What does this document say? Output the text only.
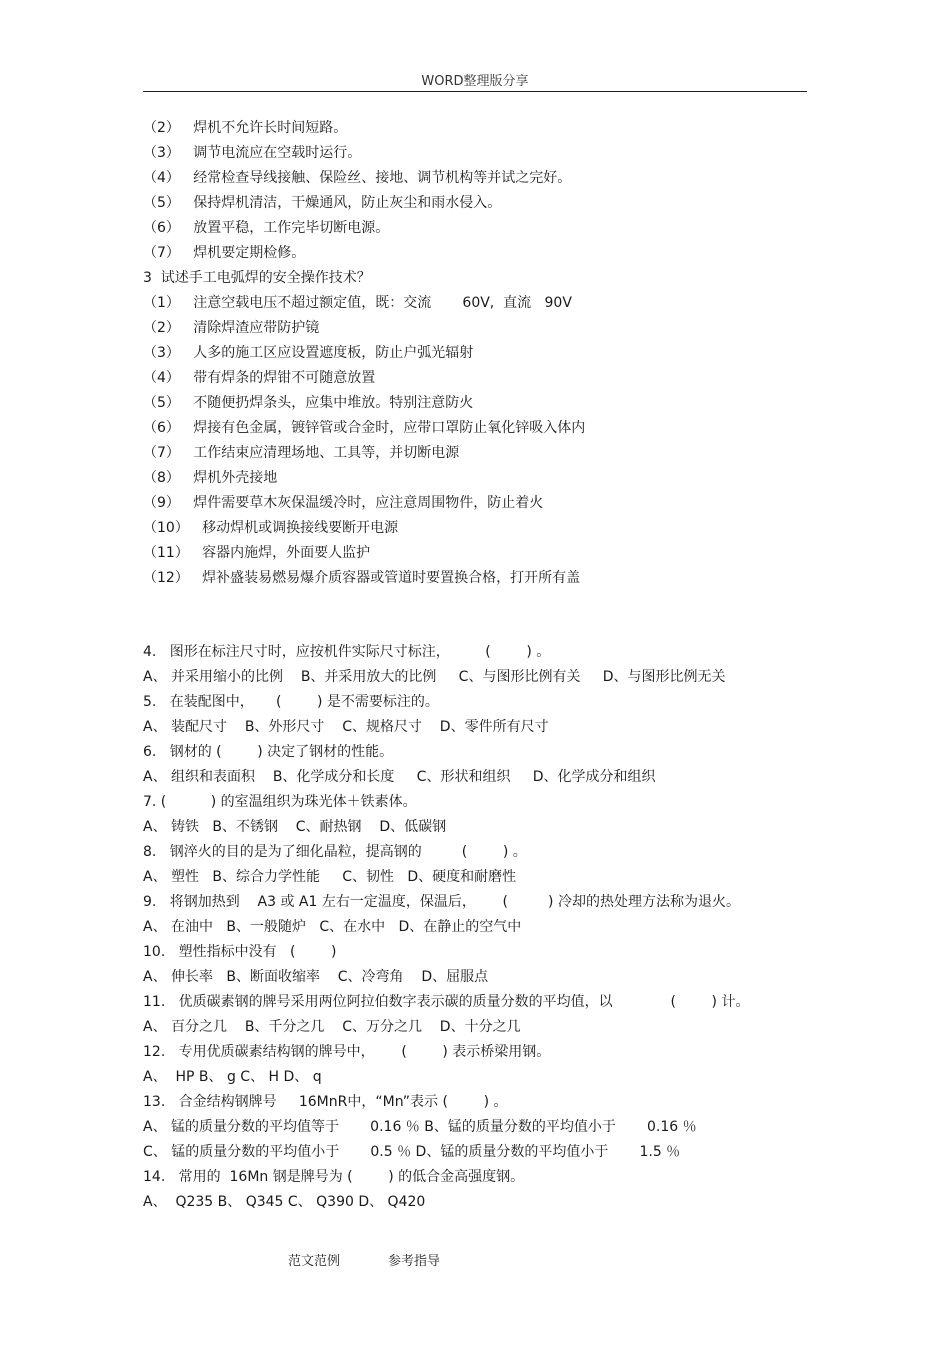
WORD整理版分享
（2）   焊机不允许长时间短路。
（3）   调节电流应在空载时运行。
（4）   经常检查导线接触、保险丝、接地、调节机构等并试之完好。
（5）   保持焊机清洁，干燥通风，防止灰尘和雨水侵入。
（6）   放置平稳，工作完毕切断电源。
（7）   焊机要定期检修。
3  试述手工电弧焊的安全操作技术？
（1）   注意空载电压不超过额定值，既：交流       60V,  直流   90V
（2）   清除焊渣应带防护镜
（3）   人多的施工区应设置遮度板，防止户弧光辐射
（4）   带有焊条的焊钳不可随意放置
（5）   不随便扔焊条头，应集中堆放。特别注意防火
（6）   焊接有色金属，镀锌管或合金时，应带口罩防止氧化锌吸入体内
（7）   工作结束应清理场地、工具等，并切断电源
（8）   焊机外壳接地
（9）   焊件需要草木灰保温缓冷时，应注意周围物件，防止着火
（10）   移动焊机或调换接线要断开电源
（11）   容器内施焊，外面要人监护
（12）   焊补盛装易燃易爆介质容器或管道时要置换合格，打开所有盖
4.   图形在标注尺寸时，应按机件实际尺寸标注，        (        ) 。
A、 并采用缩小的比例    B、并采用放大的比例     C、与图形比例有关     D、与图形比例无关
5.   在装配图中，     (        ) 是不需要标注的。
A、 装配尺寸    B、外形尺寸    C、规格尺寸    D、零件所有尺寸
6.   钢材的 (        ) 决定了钢材的性能。
A、 组织和表面积    B、化学成分和长度     C、形状和组织     D、化学成分和组织
7. (          ) 的室温组织为珠光体＋铁素体。
A、 铸铁   B、不锈钢    C、耐热钢    D、低碳钢
8.   钢淬火的目的是为了细化晶粒，提高钢的         (        ) 。
A、 塑性   B、综合力学性能     C、韧性   D、硬度和耐磨性
9.   将钢加热到    A3 或 A1 左右一定温度，保温后，      (         ) 冷却的热处理方法称为退火。
A、 在油中   B、一般随炉   C、在水中   D、在静止的空气中
10.   塑性指标中没有   (        )
A、 伸长率   B、断面收缩率    C、冷弯角    D、屈服点
11.   优质碳素钢的牌号采用两位阿拉伯数字表示碳的质量分数的平均值，以             (        ) 计。
A、 百分之几    B、千分之几    C、万分之几    D、十分之几
12.   专用优质碳素结构钢的牌号中，      (        ) 表示桥梁用钢。
A、  HP B、 g C、 H D、 q
13.   合金结构钢牌号     16MnR中，“Mn”表示 (        ) 。
A、 锰的质量分数的平均值等于       0.16 ％ B、锰的质量分数的平均值小于       0.16 ％
C、 锰的质量分数的平均值小于       0.5 ％ D、锰的质量分数的平均值小于       1.5 ％
14.   常用的  16Mn 钢是牌号为 (        ) 的低合金高强度钢。
A、  Q235 B、 Q345 C、 Q390 D、 Q420
范文范例	参考指导
